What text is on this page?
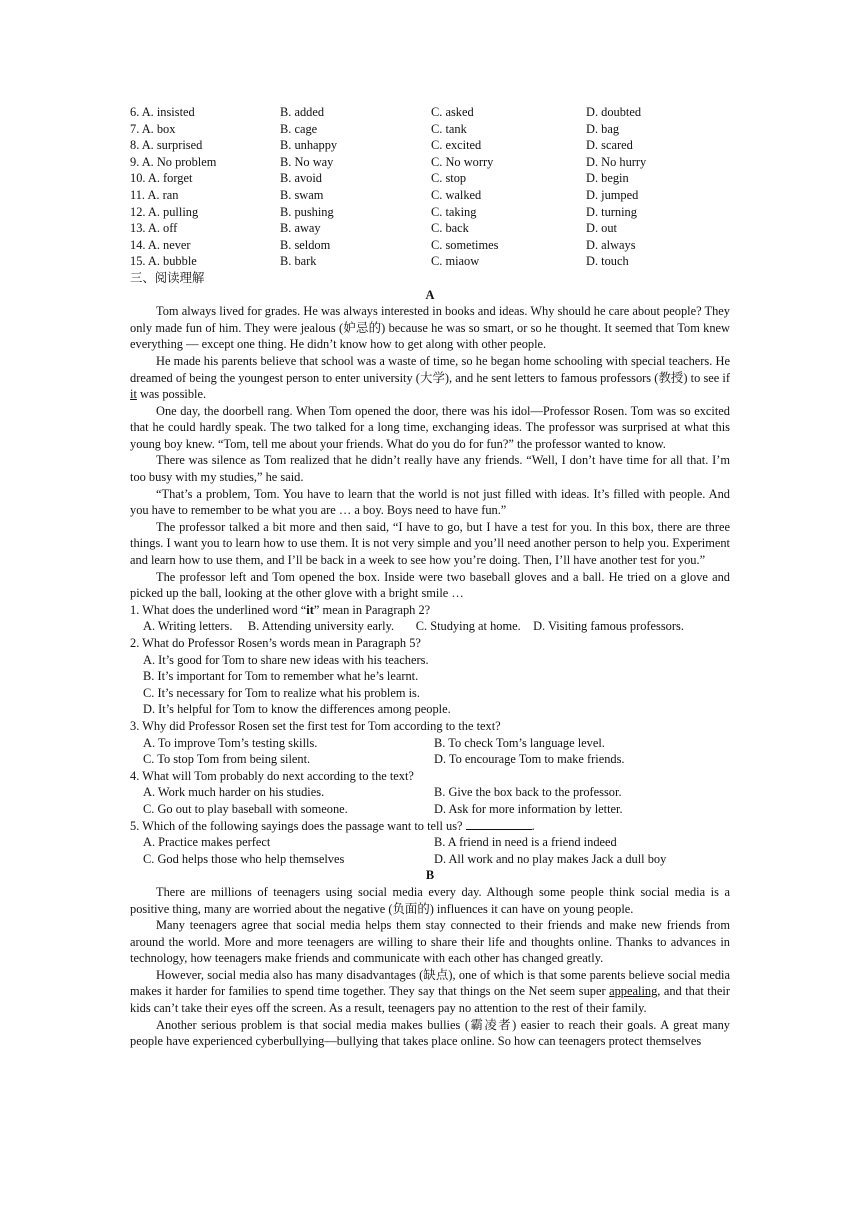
6. A. insisted	B. added	C. asked	D. doubted
7. A. box	B. cage	C. tank	D. bag
8. A. surprised	B. unhappy	C. excited	D. scared
9. A. No problem	B. No way	C. No worry	D. No hurry
10. A. forget	B. avoid	C. stop	D. begin
11. A. ran	B. swam	C. walked	D. jumped
12. A. pulling	B. pushing	C. taking	D. turning
13. A. off	B. away	C. back	D. out
14. A. never	B. seldom	C. sometimes	D. always
15. A. bubble	B. bark	C. miaow	D. touch
三、阅读理解
A

Tom always lived for grades. He was always interested in books and ideas. Why should he care about people? They only made fun of him. They were jealous (妒忌的) because he was so smart, or so he thought. It seemed that Tom knew everything — except one thing. He didn’t know how to get along with other people.

He made his parents believe that school was a waste of time, so he began home schooling with special teachers. He dreamed of being the youngest person to enter university (大学), and he sent letters to famous professors (教授) to see if it was possible.

One day, the doorbell rang. When Tom opened the door, there was his idol—Professor Rosen. Tom was so excited that he could hardly speak. The two talked for a long time, exchanging ideas. The professor was surprised at what this young boy knew. “Tom, tell me about your friends. What do you do for fun?” the professor wanted to know.

There was silence as Tom realized that he didn’t really have any friends. “Well, I don’t have time for all that. I’m too busy with my studies,” he said.

“That’s a problem, Tom. You have to learn that the world is not just filled with ideas. It’s filled with people. And you have to remember to be what you are … a boy. Boys need to have fun.”

The professor talked a bit more and then said, “I have to go, but I have a test for you. In this box, there are three things. I want you to learn how to use them. It is not very simple and you’ll need another person to help you. Experiment and learn how to use them, and I’ll be back in a week to see how you’re doing. Then, I’ll have another test for you.”

The professor left and Tom opened the box. Inside were two baseball gloves and a ball. He tried on a glove and picked up the ball, looking at the other glove with a bright smile …

1. What does the underlined word “it” mean in Paragraph 2?

A. Writing letters.     B. Attending university early.       C. Studying at home.    D. Visiting famous professors.

2. What do Professor Rosen’s words mean in Paragraph 5?

A. It’s good for Tom to share new ideas with his teachers.

B. It’s important for Tom to remember what he’s learnt.

C. It’s necessary for Tom to realize what his problem is.

D. It’s helpful for Tom to know the differences among people.

3. Why did Professor Rosen set the first test for Tom according to the text?

A. To improve Tom’s testing skills.	B. To check Tom’s language level.
C. To stop Tom from being silent.	D. To encourage Tom to make friends.

4. What will Tom probably do next according to the text?

A. Work much harder on his studies.	B. Give the box back to the professor.
C. Go out to play baseball with someone.	D. Ask for more information by letter.

5. Which of the following sayings does the passage want to tell us?	.

A. Practice makes perfect	B. A friend in need is a friend indeed
C. God helps those who help themselves	D. All work and no play makes Jack a dull boy
B

There are millions of teenagers using social media every day. Although some people think social media is a positive thing, many are worried about the negative (负面的) influences it can have on young people.

Many teenagers agree that social media helps them stay connected to their friends and make new friends from around the world. More and more teenagers are willing to share their life and thoughts online. Thanks to advances in technology, how teenagers make friends and communicate with each other has changed greatly.

However, social media also has many disadvantages (缺点), one of which is that some parents believe social media makes it harder for families to spend time together. They say that things on the Net seem super appealing, and that their kids can’t take their eyes off the screen. As a result, teenagers pay no attention to the rest of their family.

Another serious problem is that social media makes bullies (霸凌者) easier to reach their goals. A great many people have experienced cyberbullying—bullying that takes place online. So how can teenagers protect themselves
